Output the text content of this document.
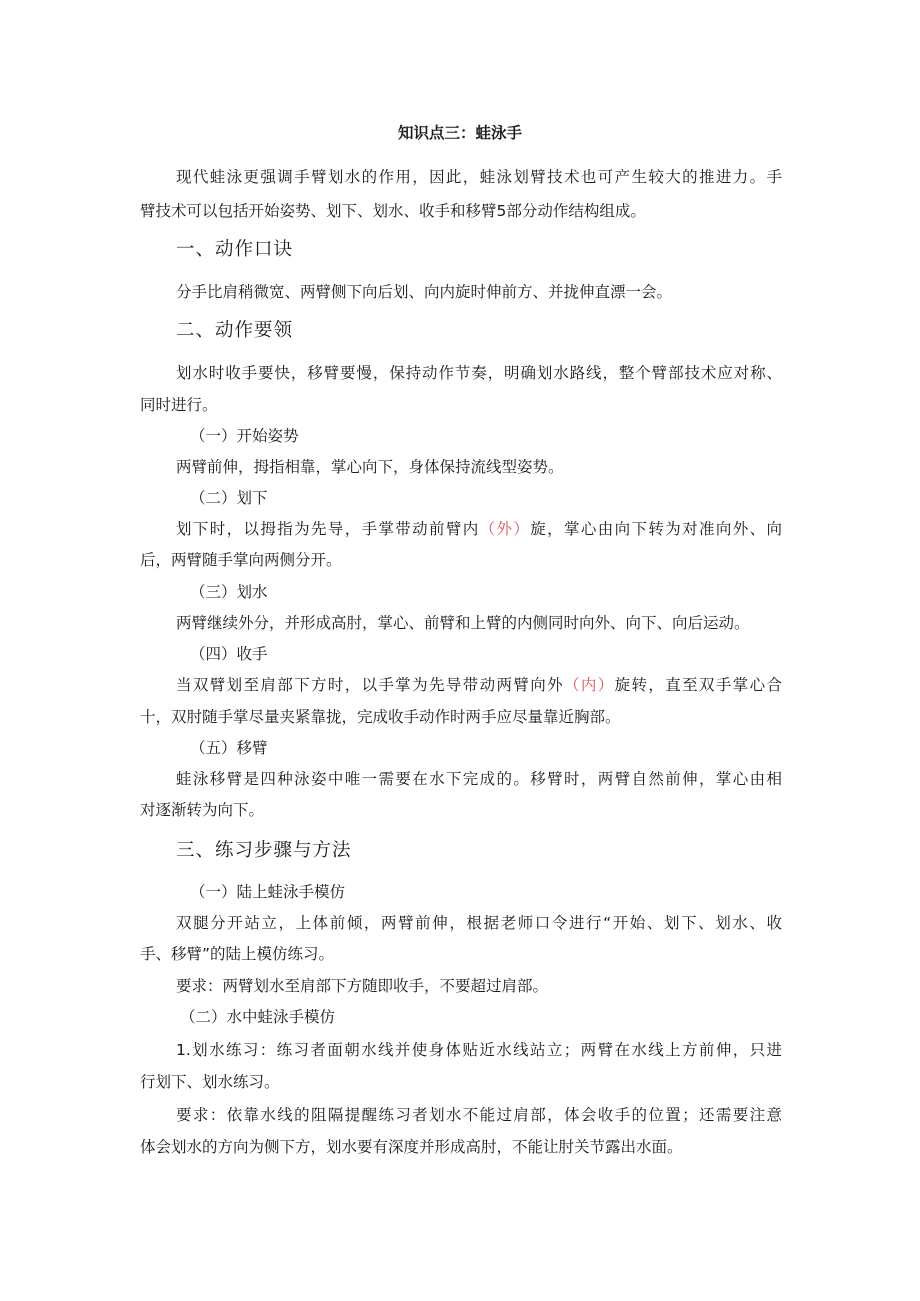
知识点三：蛙泳手
现代蛙泳更强调手臂划水的作用，因此，蛙泳划臂技术也可产生较大的推进力。手
臂技术可以包括开始姿势、划下、划水、收手和移臂5部分动作结构组成。
一、动作口诀
分手比肩稍微宽、两臂侧下向后划、向内旋时伸前方、并拢伸直漂一会。
二、动作要领
划水时收手要快，移臂要慢，保持动作节奏，明确划水路线，整个臂部技术应对称、
同时进行。
（一）开始姿势
两臂前伸，拇指相靠，掌心向下，身体保持流线型姿势。
（二）划下
划下时，以拇指为先导，手掌带动前臂内（外）旋，掌心由向下转为对准向外、向
后，两臂随手掌向两侧分开。
（三）划水
两臂继续外分，并形成高肘，掌心、前臂和上臂的内侧同时向外、向下、向后运动。
（四）收手
当双臂划至肩部下方时，以手掌为先导带动两臂向外（内）旋转，直至双手掌心合
十，双肘随手掌尽量夹紧靠拢，完成收手动作时两手应尽量靠近胸部。
（五）移臂
蛙泳移臂是四种泳姿中唯一需要在水下完成的。移臂时，两臂自然前伸，掌心由相
对逐渐转为向下。
三、练习步骤与方法
（一）陆上蛙泳手模仿
双腿分开站立，上体前倾，两臂前伸，根据老师口令进行“开始、划下、划水、收
手、移臂”的陆上模仿练习。
要求：两臂划水至肩部下方随即收手，不要超过肩部。
（二）水中蛙泳手模仿
1.划水练习：练习者面朝水线并使身体贴近水线站立；两臂在水线上方前伸，只进
行划下、划水练习。
要求：依靠水线的阻隔提醒练习者划水不能过肩部，体会收手的位置；还需要注意
体会划水的方向为侧下方，划水要有深度并形成高肘，不能让肘关节露出水面。
